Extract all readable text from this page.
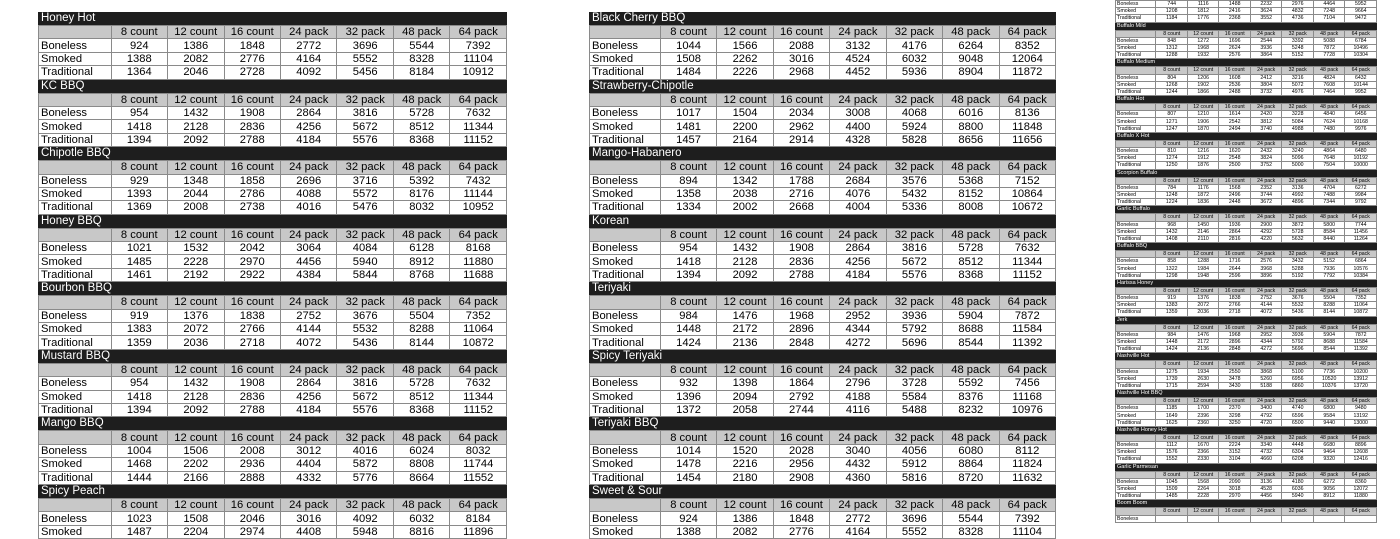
Honey Hot
	8 count	12 count	16 count	24 pack	32 pack	48 pack	64 pack
Boneless	924	1386	1848	2772	3696	5544	7392
Smoked	1388	2082	2776	4164	5552	8328	11104
Traditional	1364	2046	2728	4092	5456	8184	10912
KC BBQ
	8 count	12 count	16 count	24 pack	32 pack	48 pack	64 pack
Boneless	954	1432	1908	2864	3816	5728	7632
Smoked	1418	2128	2836	4256	5672	8512	11344
Traditional	1394	2092	2788	4184	5576	8368	11152
Chipotle BBQ
	8 count	12 count	16 count	24 pack	32 pack	48 pack	64 pack
Boneless	929	1348	1858	2696	3716	5392	7432
Smoked	1393	2044	2786	4088	5572	8176	11144
Traditional	1369	2008	2738	4016	5476	8032	10952
Honey BBQ
	8 count	12 count	16 count	24 pack	32 pack	48 pack	64 pack
Boneless	1021	1532	2042	3064	4084	6128	8168
Smoked	1485	2228	2970	4456	5940	8912	11880
Traditional	1461	2192	2922	4384	5844	8768	11688
Bourbon BBQ
	8 count	12 count	16 count	24 pack	32 pack	48 pack	64 pack
Boneless	919	1376	1838	2752	3676	5504	7352
Smoked	1383	2072	2766	4144	5532	8288	11064
Traditional	1359	2036	2718	4072	5436	8144	10872
Mustard BBQ
	8 count	12 count	16 count	24 pack	32 pack	48 pack	64 pack
Boneless	954	1432	1908	2864	3816	5728	7632
Smoked	1418	2128	2836	4256	5672	8512	11344
Traditional	1394	2092	2788	4184	5576	8368	11152
Mango BBQ
	8 count	12 count	16 count	24 pack	32 pack	48 pack	64 pack
Boneless	1004	1506	2008	3012	4016	6024	8032
Smoked	1468	2202	2936	4404	5872	8808	11744
Traditional	1444	2166	2888	4332	5776	8664	11552
Spicy Peach
	8 count	12 count	16 count	24 pack	32 pack	48 pack	64 pack
Boneless	1023	1508	2046	3016	4092	6032	8184
Smoked	1487	2204	2974	4408	5948	8816	11896
Black Cherry BBQ
	8 count	12 count	16 count	24 pack	32 pack	48 pack	64 pack
Boneless	1044	1566	2088	3132	4176	6264	8352
Smoked	1508	2262	3016	4524	6032	9048	12064
Traditional	1484	2226	2968	4452	5936	8904	11872
Strawberry-Chipotle
	8 count	12 count	16 count	24 pack	32 pack	48 pack	64 pack
Boneless	1017	1504	2034	3008	4068	6016	8136
Smoked	1481	2200	2962	4400	5924	8800	11848
Traditional	1457	2164	2914	4328	5828	8656	11656
Mango-Habanero
	8 count	12 count	16 count	24 pack	32 pack	48 pack	64 pack
Boneless	894	1342	1788	2684	3576	5368	7152
Smoked	1358	2038	2716	4076	5432	8152	10864
Traditional	1334	2002	2668	4004	5336	8008	10672
Korean
	8 count	12 count	16 count	24 pack	32 pack	48 pack	64 pack
Boneless	954	1432	1908	2864	3816	5728	7632
Smoked	1418	2128	2836	4256	5672	8512	11344
Traditional	1394	2092	2788	4184	5576	8368	11152
Teriyaki
	8 count	12 count	16 count	24 pack	32 pack	48 pack	64 pack
Boneless	984	1476	1968	2952	3936	5904	7872
Smoked	1448	2172	2896	4344	5792	8688	11584
Traditional	1424	2136	2848	4272	5696	8544	11392
Spicy Teriyaki
	8 count	12 count	16 count	24 pack	32 pack	48 pack	64 pack
Boneless	932	1398	1864	2796	3728	5592	7456
Smoked	1396	2094	2792	4188	5584	8376	11168
Traditional	1372	2058	2744	4116	5488	8232	10976
Teriyaki BBQ
	8 count	12 count	16 count	24 pack	32 pack	48 pack	64 pack
Boneless	1014	1520	2028	3040	4056	6080	8112
Smoked	1478	2216	2956	4432	5912	8864	11824
Traditional	1454	2180	2908	4360	5816	8720	11632
Sweet & Sour
	8 count	12 count	16 count	24 pack	32 pack	48 pack	64 pack
Boneless	924	1386	1848	2772	3696	5544	7392
Smoked	1388	2082	2776	4164	5552	8328	11104
Boneless	744	1116	1488	2232	2976	4464	5952
Smoked	1208	1812	2416	3624	4832	7248	9664
Traditional	1184	1776	2368	3552	4736	7104	9472
Buffalo Mild
	8 count	12 count	16 count	24 pack	32 pack	48 pack	64 pack
Boneless	848	1272	1696	2544	3392	5088	6784
Smoked	1312	1968	2624	3936	5248	7872	10496
Traditional	1288	1932	2576	3864	5152	7728	10304
Buffalo Medium
	8 count	12 count	16 count	24 pack	32 pack	48 pack	64 pack
Boneless	804	1206	1608	2412	3216	4824	6432
Smoked	1268	1902	2536	3804	5072	7608	10144
Traditional	1244	1866	2488	3732	4976	7464	9952
Buffalo Hot
	8 count	12 count	16 count	24 pack	32 pack	48 pack	64 pack
Boneless	807	1210	1614	2420	3228	4840	6456
Smoked	1271	1906	2542	3812	5084	7624	10168
Traditional	1247	1870	2494	3740	4988	7480	9976
Buffalo X Hot
	8 count	12 count	16 count	24 pack	32 pack	48 pack	64 pack
Boneless	810	1216	1620	2432	3240	4864	6480
Smoked	1274	1912	2548	3824	5096	7648	10192
Traditional	1250	1876	2500	3752	5000	7504	10000
Scorpion Buffalo
	8 count	12 count	16 count	24 pack	32 pack	48 pack	64 pack
Boneless	784	1176	1568	2352	3136	4704	6272
Smoked	1248	1872	2496	3744	4992	7488	9984
Traditional	1224	1836	2448	3672	4896	7344	9792
Garlic Buffalo
	8 count	12 count	16 count	24 pack	32 pack	48 pack	64 pack
Boneless	968	1450	1936	2900	3872	5800	7744
Smoked	1432	2146	2864	4292	5728	8584	11456
Traditional	1408	2110	2816	4220	5632	8440	11264
Buffalo BBQ
	8 count	12 count	16 count	24 pack	32 pack	48 pack	64 pack
Boneless	858	1288	1716	2576	3432	5152	6864
Smoked	1322	1984	2644	3968	5288	7936	10576
Traditional	1298	1948	2596	3896	5192	7792	10384
Harissa Honey
	8 count	12 count	16 count	24 pack	32 pack	48 pack	64 pack
Boneless	919	1376	1838	2752	3676	5504	7352
Smoked	1383	2072	2766	4144	5532	8288	11064
Traditional	1359	2036	2718	4072	5436	8144	10872
Jerk
	8 count	12 count	16 count	24 pack	32 pack	48 pack	64 pack
Boneless	984	1476	1968	2952	3936	5904	7872
Smoked	1448	2172	2896	4344	5792	8688	11584
Traditional	1424	2136	2848	4272	5696	8544	11392
Nashville Hot
	8 count	12 count	16 count	24 pack	32 pack	48 pack	64 pack
Boneless	1275	1934	2550	3868	5100	7736	10200
Smoked	1739	2630	3478	5260	6956	10520	13912
Traditional	1715	2594	3430	5188	6860	10376	13720
Nashville Hot BBQ
	8 count	12 count	16 count	24 pack	32 pack	48 pack	64 pack
Boneless	1185	1700	2370	3400	4740	6800	9480
Smoked	1649	2396	3298	4792	6596	9584	13192
Traditional	1625	2360	3250	4720	6500	9440	13000
Nashville Honey Hot
	8 count	12 count	16 count	24 pack	32 pack	48 pack	64 pack
Boneless	1112	1670	2224	3340	4448	6680	8896
Smoked	1576	2366	3152	4732	6304	9464	12608
Traditional	1552	2330	3104	4660	6208	9320	12416
Garlic Parmesan
	8 count	12 count	16 count	24 pack	32 pack	48 pack	64 pack
Boneless	1045	1568	2090	3136	4180	6272	8360
Smoked	1509	2264	3018	4528	6036	9056	12072
Traditional	1485	2228	2970	4456	5940	8912	11880
Boom Boom
	8 count	12 count	16 count	24 pack	32 pack	48 pack	64 pack
Boneless							
